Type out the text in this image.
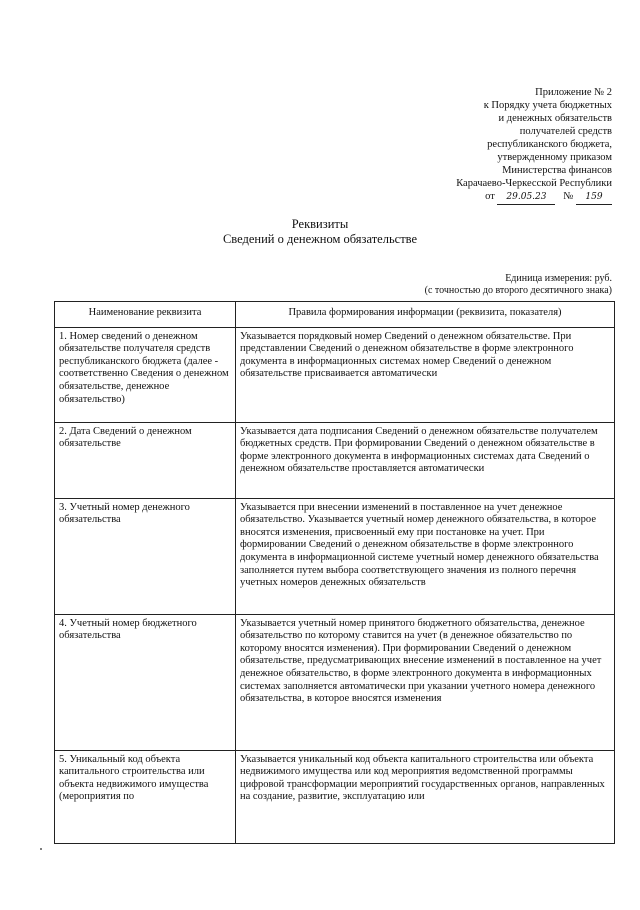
Приложение № 2
к Порядку учета бюджетных
и денежных обязательств
получателей средств
республиканского бюджета,
утвержденному приказом
Министерства финансов
Карачаево-Черкесской Республики
от 29.05.23 № 159
Реквизиты
Сведений о денежном обязательстве
Единица измерения: руб.
(с точностью до второго десятичного знака)
Наименование реквизита	Правила формирования информации (реквизита, показателя)
1. Номер сведений о денежном обязательстве получателя средств республиканского бюджета (далее - соответственно Сведения о денежном обязательстве, денежное обязательство)	Указывается порядковый номер Сведений о денежном обязательстве. При представлении Сведений о денежном обязательстве в форме электронного документа в информационных системах номер Сведений о денежном обязательстве присваивается автоматически
2. Дата Сведений о денежном обязательстве	Указывается дата подписания Сведений о денежном обязательстве получателем бюджетных средств. При формировании Сведений о денежном обязательстве в форме электронного документа в информационных системах дата Сведений о денежном обязательстве проставляется автоматически
3. Учетный номер денежного обязательства	Указывается при внесении изменений в поставленное на учет денежное обязательство. Указывается учетный номер денежного обязательства, в которое вносятся изменения, присвоенный ему при постановке на учет. При формировании Сведений о денежном обязательстве в форме электронного документа в информационной системе учетный номер денежного обязательства заполняется путем выбора соответствующего значения из полного перечня учетных номеров денежных обязательств
4. Учетный номер бюджетного обязательства	Указывается учетный номер принятого бюджетного обязательства, денежное обязательство по которому ставится на учет (в денежное обязательство по которому вносятся изменения). При формировании Сведений о денежном обязательстве, предусматривающих внесение изменений в поставленное на учет денежное обязательство, в форме электронного документа в информационных системах заполняется автоматически при указании учетного номера денежного обязательства, в которое вносятся изменения
5. Уникальный код объекта капитального строительства или объекта недвижимого имущества (мероприятия по	Указывается уникальный код объекта капитального строительства или объекта недвижимого имущества или код мероприятия ведомственной программы цифровой трансформации мероприятий государственных органов, направленных на создание, развитие, эксплуатацию или
